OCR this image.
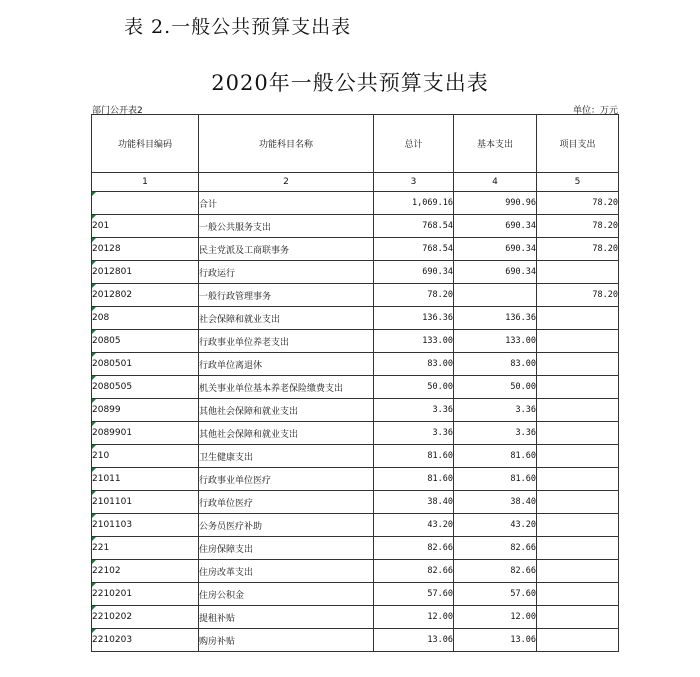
表 2.一般公共预算支出表
2020年一般公共预算支出表
部门公开表2	单位：万元
功能科目编码	功能科目名称	总计	基本支出	项目支出
1	2	3	4	5
	合计	1,069.16	990.96	78.20
201	一般公共服务支出	768.54	690.34	78.20
20128	民主党派及工商联事务	768.54	690.34	78.20
2012801	行政运行	690.34	690.34	
2012802	一般行政管理事务	78.20		78.20
208	社会保障和就业支出	136.36	136.36	
20805	行政事业单位养老支出	133.00	133.00	
2080501	行政单位离退休	83.00	83.00	
2080505	机关事业单位基本养老保险缴费支出	50.00	50.00	
20899	其他社会保障和就业支出	3.36	3.36	
2089901	其他社会保障和就业支出	3.36	3.36	
210	卫生健康支出	81.60	81.60	
21011	行政事业单位医疗	81.60	81.60	
2101101	行政单位医疗	38.40	38.40	
2101103	公务员医疗补助	43.20	43.20	
221	住房保障支出	82.66	82.66	
22102	住房改革支出	82.66	82.66	
2210201	住房公积金	57.60	57.60	
2210202	提租补贴	12.00	12.00	
2210203	购房补贴	13.06	13.06	
